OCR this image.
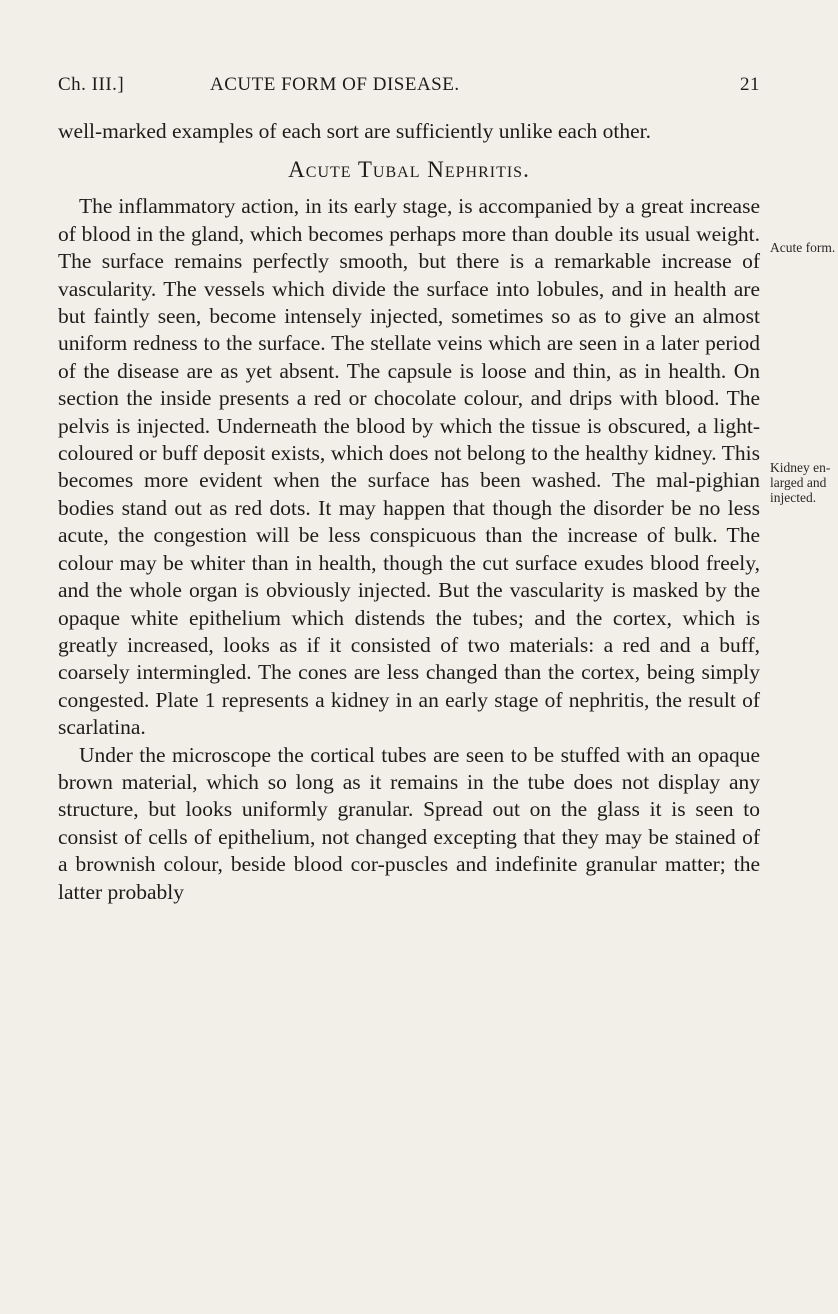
Ch. III.]	ACUTE FORM OF DISEASE.	21

well-marked examples of each sort are sufficiently unlike each other.

Acute Tubal Nephritis.

The inflammatory action, in its early stage, is accompanied by a great increase of blood in the gland, which becomes perhaps more than double its usual weight. The surface remains perfectly smooth, but there is a remarkable increase of vascularity. The vessels which divide the surface into lobules, and in health are but faintly seen, become intensely injected, sometimes so as to give an almost uniform redness to the surface. The stellate veins which are seen in a later period of the disease are as yet absent. The capsule is loose and thin, as in health. On section the inside presents a red or chocolate colour, and drips with blood. The pelvis is injected. Underneath the blood by which the tissue is obscured, a light-coloured or buff deposit exists, which does not belong to the healthy kidney. This becomes more evident when the surface has been washed. The mal-pighian bodies stand out as red dots. It may happen that though the disorder be no less acute, the congestion will be less conspicuous than the increase of bulk. The colour may be whiter than in health, though the cut surface exudes blood freely, and the whole organ is obviously injected. But the vascularity is masked by the opaque white epithelium which distends the tubes; and the cortex, which is greatly increased, looks as if it consisted of two materials: a red and a buff, coarsely intermingled. The cones are less changed than the cortex, being simply congested. Plate 1 represents a kidney in an early stage of nephritis, the result of scarlatina.

Under the microscope the cortical tubes are seen to be stuffed with an opaque brown material, which so long as it remains in the tube does not display any structure, but looks uniformly granular. Spread out on the glass it is seen to consist of cells of epithelium, not changed excepting that they may be stained of a brownish colour, beside blood cor-puscles and indefinite granular matter; the latter probably

Acute form.
Kidney en-larged and injected.
